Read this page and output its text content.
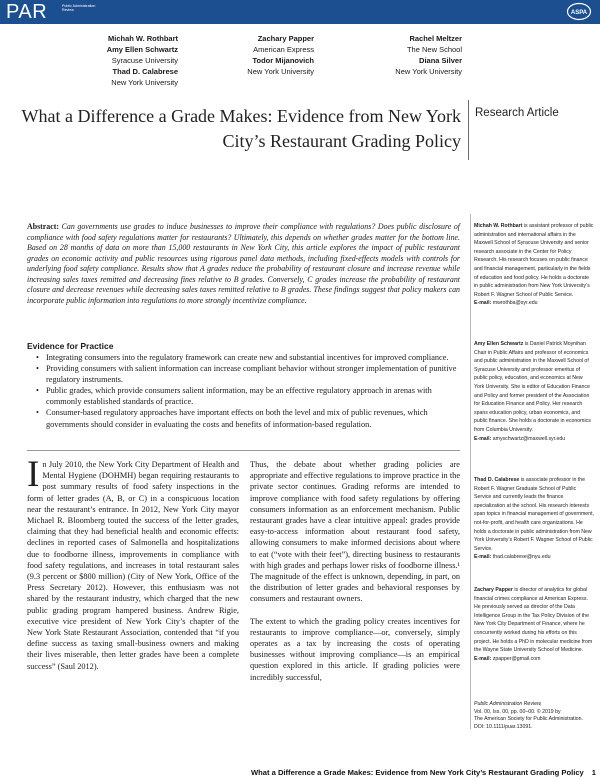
PAR	Public Administration Review	ASPA
Michah W. Rothbart
Amy Ellen Schwartz
Syracuse University
Thad D. Calabrese
New York University
Zachary Papper
American Express
Todor Mijanovich
New York University
Rachel Meltzer
The New School
Diana Silver
New York University
What a Difference a Grade Makes: Evidence from New York
City’s Restaurant Grading Policy
Research Article
Abstract: Can governments use grades to induce businesses to improve their compliance with regulations? Does public disclosure of compliance with food safety regulations matter for restaurants? Ultimately, this depends on whether grades matter for the bottom line. Based on 28 months of data on more than 15,000 restaurants in New York City, this article explores the impact of public restaurant grades on economic activity and public resources using rigorous panel data methods, including fixed-effects models with controls for underlying food safety compliance. Results show that A grades reduce the probability of restaurant closure and increase revenue while increasing sales taxes remitted and decreasing fines relative to B grades. Conversely, C grades increase the probability of restaurant closure and decrease revenues while decreasing sales taxes remitted relative to B grades. These findings suggest that policy makers can incorporate public information into regulations to more strongly incentivize compliance.
Evidence for Practice
• Integrating consumers into the regulatory framework can create new and substantial incentives for improved compliance.
• Providing consumers with salient information can increase compliant behavior without stronger implementation of punitive regulatory instruments.
• Public grades, which provide consumers salient information, may be an effective regulatory approach in arenas with commonly established standards of practice.
• Consumer-based regulatory approaches have important effects on both the level and mix of public revenues, which governments should consider in evaluating the costs and benefits of information-based regulation.
In July 2010, the New York City Department of Health and Mental Hygiene (DOHMH) began requiring restaurants to post summary results of food safety inspections in the form of letter grades (A, B, or C) in a conspicuous location near the restaurant’s entrance. In 2012, New York City mayor Michael R. Bloomberg touted the success of the letter grades, claiming that they had beneficial health and economic effects: declines in reported cases of Salmonella and hospitalizations due to foodborne illness, improvements in compliance with food safety regulations, and increases in total restaurant sales (9.3 percent or $800 million) (City of New York, Office of the Press Secretary 2012). However, this enthusiasm was not shared by the restaurant industry, which charged that the new public grading program hampered business. Andrew Rigie, executive vice president of New York City’s chapter of the New York State Restaurant Association, contended that “if you define success as taxing small-business owners and making their lives miserable, then letter grades have been a complete success” (Saul 2012).

Thus, the debate about whether grading policies are appropriate and effective regulations to improve practice in the private sector continues. Grading reforms are intended to improve compliance with food safety regulations by offering consumers information as an enforcement mechanism. Public restaurant grades have a clear intuitive appeal: grades provide easy-to-access information about restaurant food safety, allowing consumers to make informed decisions about where to eat (“vote with their feet”), directing business to restaurants with high grades and perhaps lower risks of foodborne illness.¹ The magnitude of the effect is unknown, depending, in part, on the distribution of letter grades and behavioral responses by consumers and restaurant owners.

The extent to which the grading policy creates incentives for restaurants to improve compliance—or, conversely, simply operates as a tax by increasing the costs of operating businesses without improving compliance—is an empirical question explored in this article. If grading policies were incredibly successful,

Michah W. Rothbart is assistant professor of public administration and international affairs in the Maxwell School of Syracuse University and senior research associate in the Center for Policy Research. His research focuses on public finance and financial management, particularly in the fields of education and food policy. He holds a doctorate in public administration from New York University’s Robert F. Wagner School of Public Service.
E-mail: mwrothba@syr.edu
Amy Ellen Schwartz is Daniel Patrick Moynihan Chair in Public Affairs and professor of economics and public administration in the Maxwell School of Syracuse University and professor emeritus of public policy, education, and economics at New York University. She is editor of Education Finance and Policy and former president of the Association for Education Finance and Policy. Her research spans education policy, urban economics, and public finance. She holds a doctorate in economics from Columbia University.
E-mail: amyschwartz@maxwell.syr.edu
Thad D. Calabrese is associate professor in the Robert F. Wagner Graduate School of Public Service and currently leads the finance specialization at the school. His research interests span topics in financial management of government, not-for-profit, and health care organizations. He holds a doctorate in public administration from New York University’s Robert F. Wagner School of Public Service.
E-mail: thad.calabrese@nyu.edu
Zachary Papper is director of analytics for global financial crimes compliance at American Express. He previously served as director of the Data Intelligence Group in the Tax Policy Division of the New York City Department of Finance, where he concurrently worked during his efforts on this project. He holds a PhD in molecular medicine from the Wayne State University School of Medicine.
E-mail: zpapper@gmail.com
Public Administration Review,
Vol. 00, Iss. 00, pp. 00–00. © 2019 by
The American Society for Public Administration.
DOI: 10.1111/puar.13091.
What a Difference a Grade Makes: Evidence from New York City’s Restaurant Grading Policy 1
